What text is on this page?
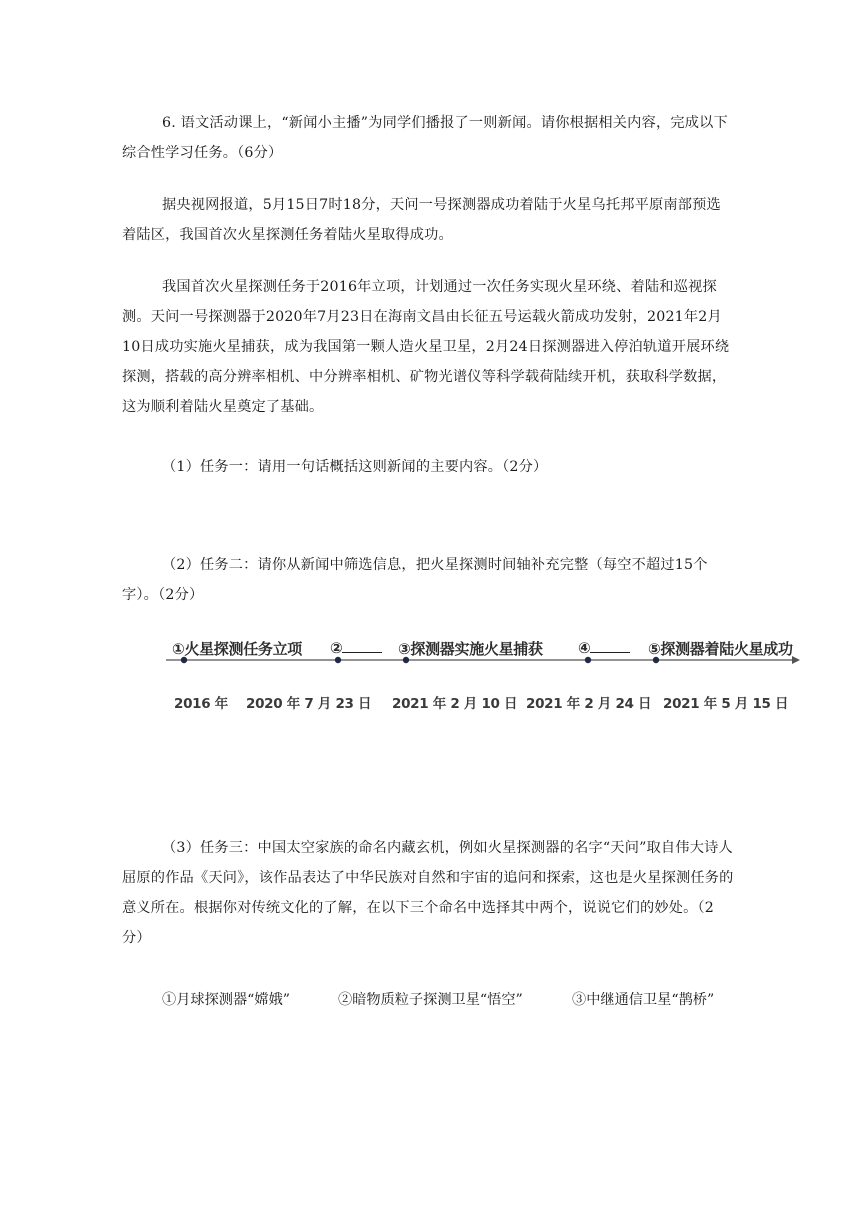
6. 语文活动课上，“新闻小主播”为同学们播报了一则新闻。请你根据相关内容，完成以下综合性学习任务。（6分）

据央视网报道，5月15日7时18分，天问一号探测器成功着陆于火星乌托邦平原南部预选着陆区，我国首次火星探测任务着陆火星取得成功。

我国首次火星探测任务于2016年立项，计划通过一次任务实现火星环绕、着陆和巡视探测。天问一号探测器于2020年7月23日在海南文昌由长征五号运载火箭成功发射，2021年2月10日成功实施火星捕获，成为我国第一颗人造火星卫星，2月24日探测器进入停泊轨道开展环绕探测，搭载的高分辨率相机、中分辨率相机、矿物光谱仪等科学载荷陆续开机，获取科学数据，这为顺利着陆火星奠定了基础。

（1）任务一：请用一句话概括这则新闻的主要内容。（2分）

（2）任务二：请你从新闻中筛选信息，把火星探测时间轴补充完整（每空不超过15个字）。（2分）

①火星探测任务立项 ②	③探测器实施火星捕获 ④	⑤探测器着陆火星成功
2016 年 2020 年 7 月 23 日 2021 年 2 月 10 日 2021 年 2 月 24 日 2021 年 5 月 15 日

（3）任务三：中国太空家族的命名内藏玄机，例如火星探测器的名字“天问”取自伟大诗人屈原的作品《天问》，该作品表达了中华民族对自然和宇宙的追问和探索，这也是火星探测任务的意义所在。根据你对传统文化的了解，在以下三个命名中选择其中两个，说说它们的妙处。（2分）

①月球探测器“嫦娥”	②暗物质粒子探测卫星“悟空”	③中继通信卫星“鹊桥”
